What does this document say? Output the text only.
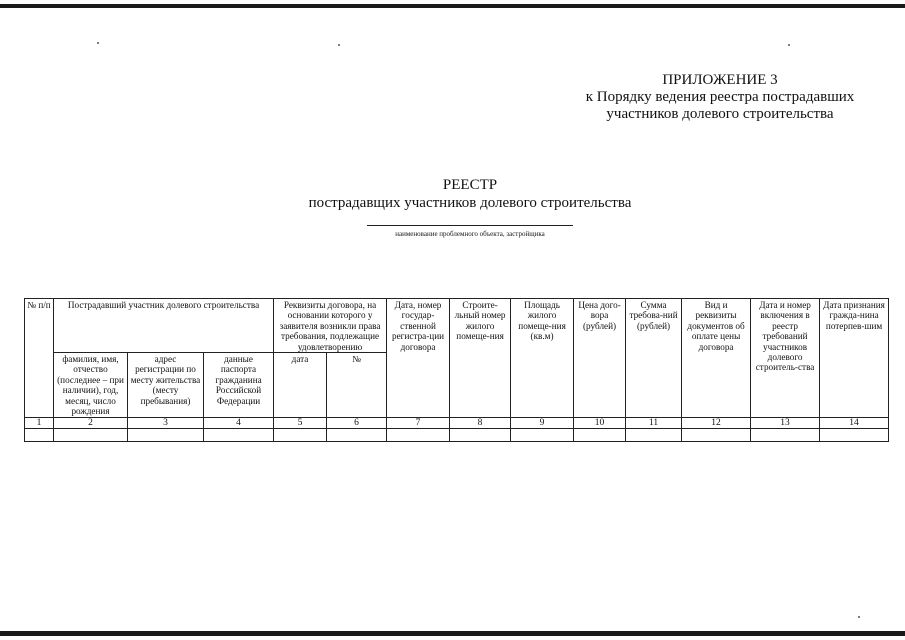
ПРИЛОЖЕНИЕ 3
к Порядку ведения реестра пострадавших
участников долевого строительства
РЕЕСТР
пострадавщих участников долевого строительства
наименование проблемного объекта, застройщика
№ п/п	Пострадавший участник долевого строительства			Реквизиты договора, на основании которого у заявителя возникли права требования, подлежащие удовлетворению		Дата, номер государ-ственной регистра-ции договора	Строите-льный номер жилого помеще-ния	Площадь жилого помеще-ния (кв.м)	Цена дого-вора (рублей)	Сумма требова-ний (рублей)	Вид и реквизиты документов об оплате цены договора	Дата и номер включения в реестр требований участников долевого строитель-ства	Дата признания гражда-нина потерпев-шим
	фамилия, имя, отчество (последнее – при наличии), год, месяц, число рождения	адрес регистрации по месту жительства (месту пребывания)	данные паспорта гражданина Российской Федерации	дата	№								
1	2	3	4	5	6	7	8	9	10	11	12	13	14
